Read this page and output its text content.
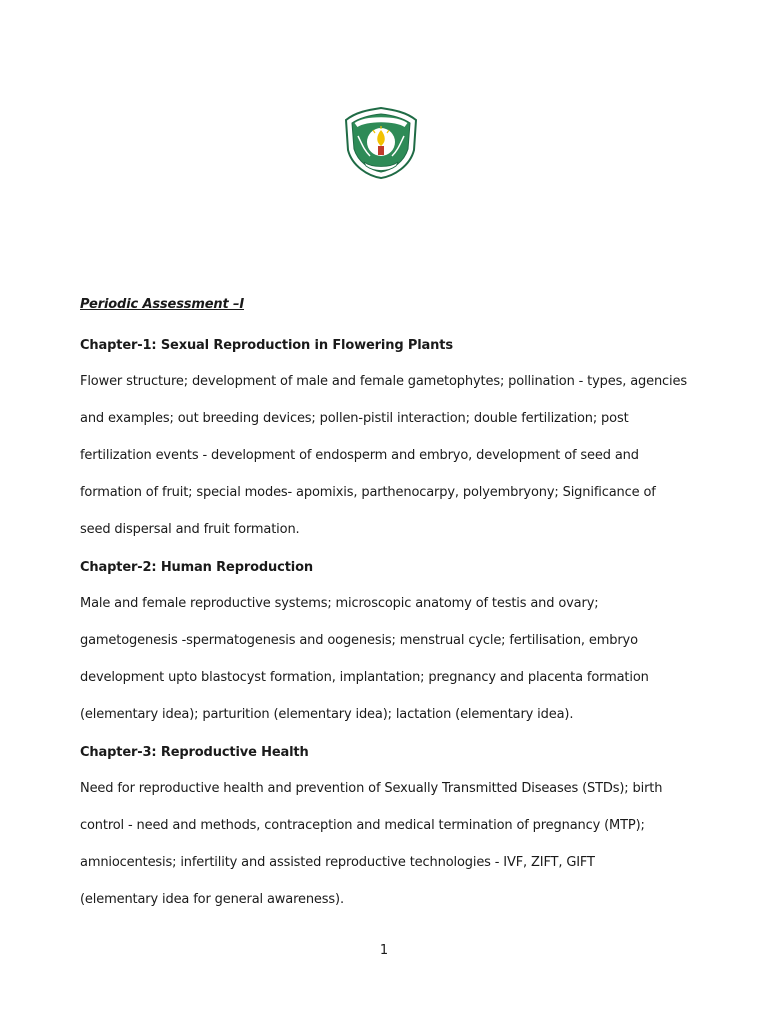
Periodic Assessment –I
Chapter-1: Sexual Reproduction in Flowering Plants
Flower structure; development of male and female gametophytes; pollination - types, agencies
and examples; out breeding devices; pollen-pistil interaction; double fertilization; post
fertilization events - development of endosperm and embryo, development of seed and
formation of fruit; special modes- apomixis, parthenocarpy, polyembryony; Significance of
seed dispersal and fruit formation.
Chapter-2: Human Reproduction
Male and female reproductive systems; microscopic anatomy of testis and ovary;
gametogenesis -spermatogenesis and oogenesis; menstrual cycle; fertilisation, embryo
development upto blastocyst formation, implantation; pregnancy and placenta formation
(elementary idea); parturition (elementary idea); lactation (elementary idea).
Chapter-3: Reproductive Health
Need for reproductive health and prevention of Sexually Transmitted Diseases (STDs); birth
control - need and methods, contraception and medical termination of pregnancy (MTP);
amniocentesis; infertility and assisted reproductive technologies - IVF, ZIFT, GIFT
(elementary idea for general awareness).
1
